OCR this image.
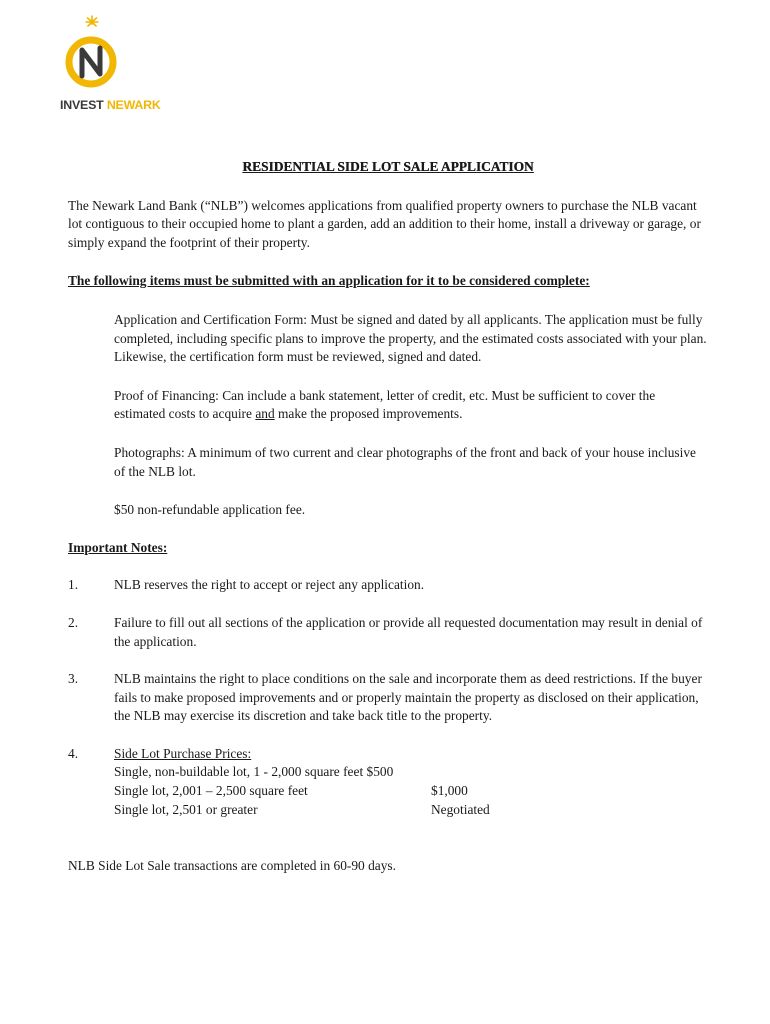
INVEST NEWARK
RESIDENTIAL SIDE LOT SALE APPLICATION

The Newark Land Bank (“NLB”) welcomes applications from qualified property owners to purchase the NLB vacant lot contiguous to their occupied home to plant a garden, add an addition to their home, install a driveway or garage, or simply expand the footprint of their property.

The following items must be submitted with an application for it to be considered complete:

Application and Certification Form: Must be signed and dated by all applicants. The application must be fully completed, including specific plans to improve the property, and the estimated costs associated with your plan. Likewise, the certification form must be reviewed, signed and dated.

Proof of Financing: Can include a bank statement, letter of credit, etc. Must be sufficient to cover the estimated costs to acquire and make the proposed improvements.

Photographs: A minimum of two current and clear photographs of the front and back of your house inclusive of the NLB lot.

$50 non-refundable application fee.

Important Notes:

1.	NLB reserves the right to accept or reject any application.
2.	Failure to fill out all sections of the application or provide all requested documentation may result in denial of the application.
3.	NLB maintains the right to place conditions on the sale and incorporate them as deed restrictions. If the buyer fails to make proposed improvements and or properly maintain the property as disclosed on their application, the NLB may exercise its discretion and take back title to the property.
4.	Side Lot Purchase Prices:
Single, non-buildable lot, 1 - 2,000 square feet $500
Single lot, 2,001 – 2,500 square feet	$1,000
Single lot, 2,501 or greater	Negotiated

NLB Side Lot Sale transactions are completed in 60-90 days.
